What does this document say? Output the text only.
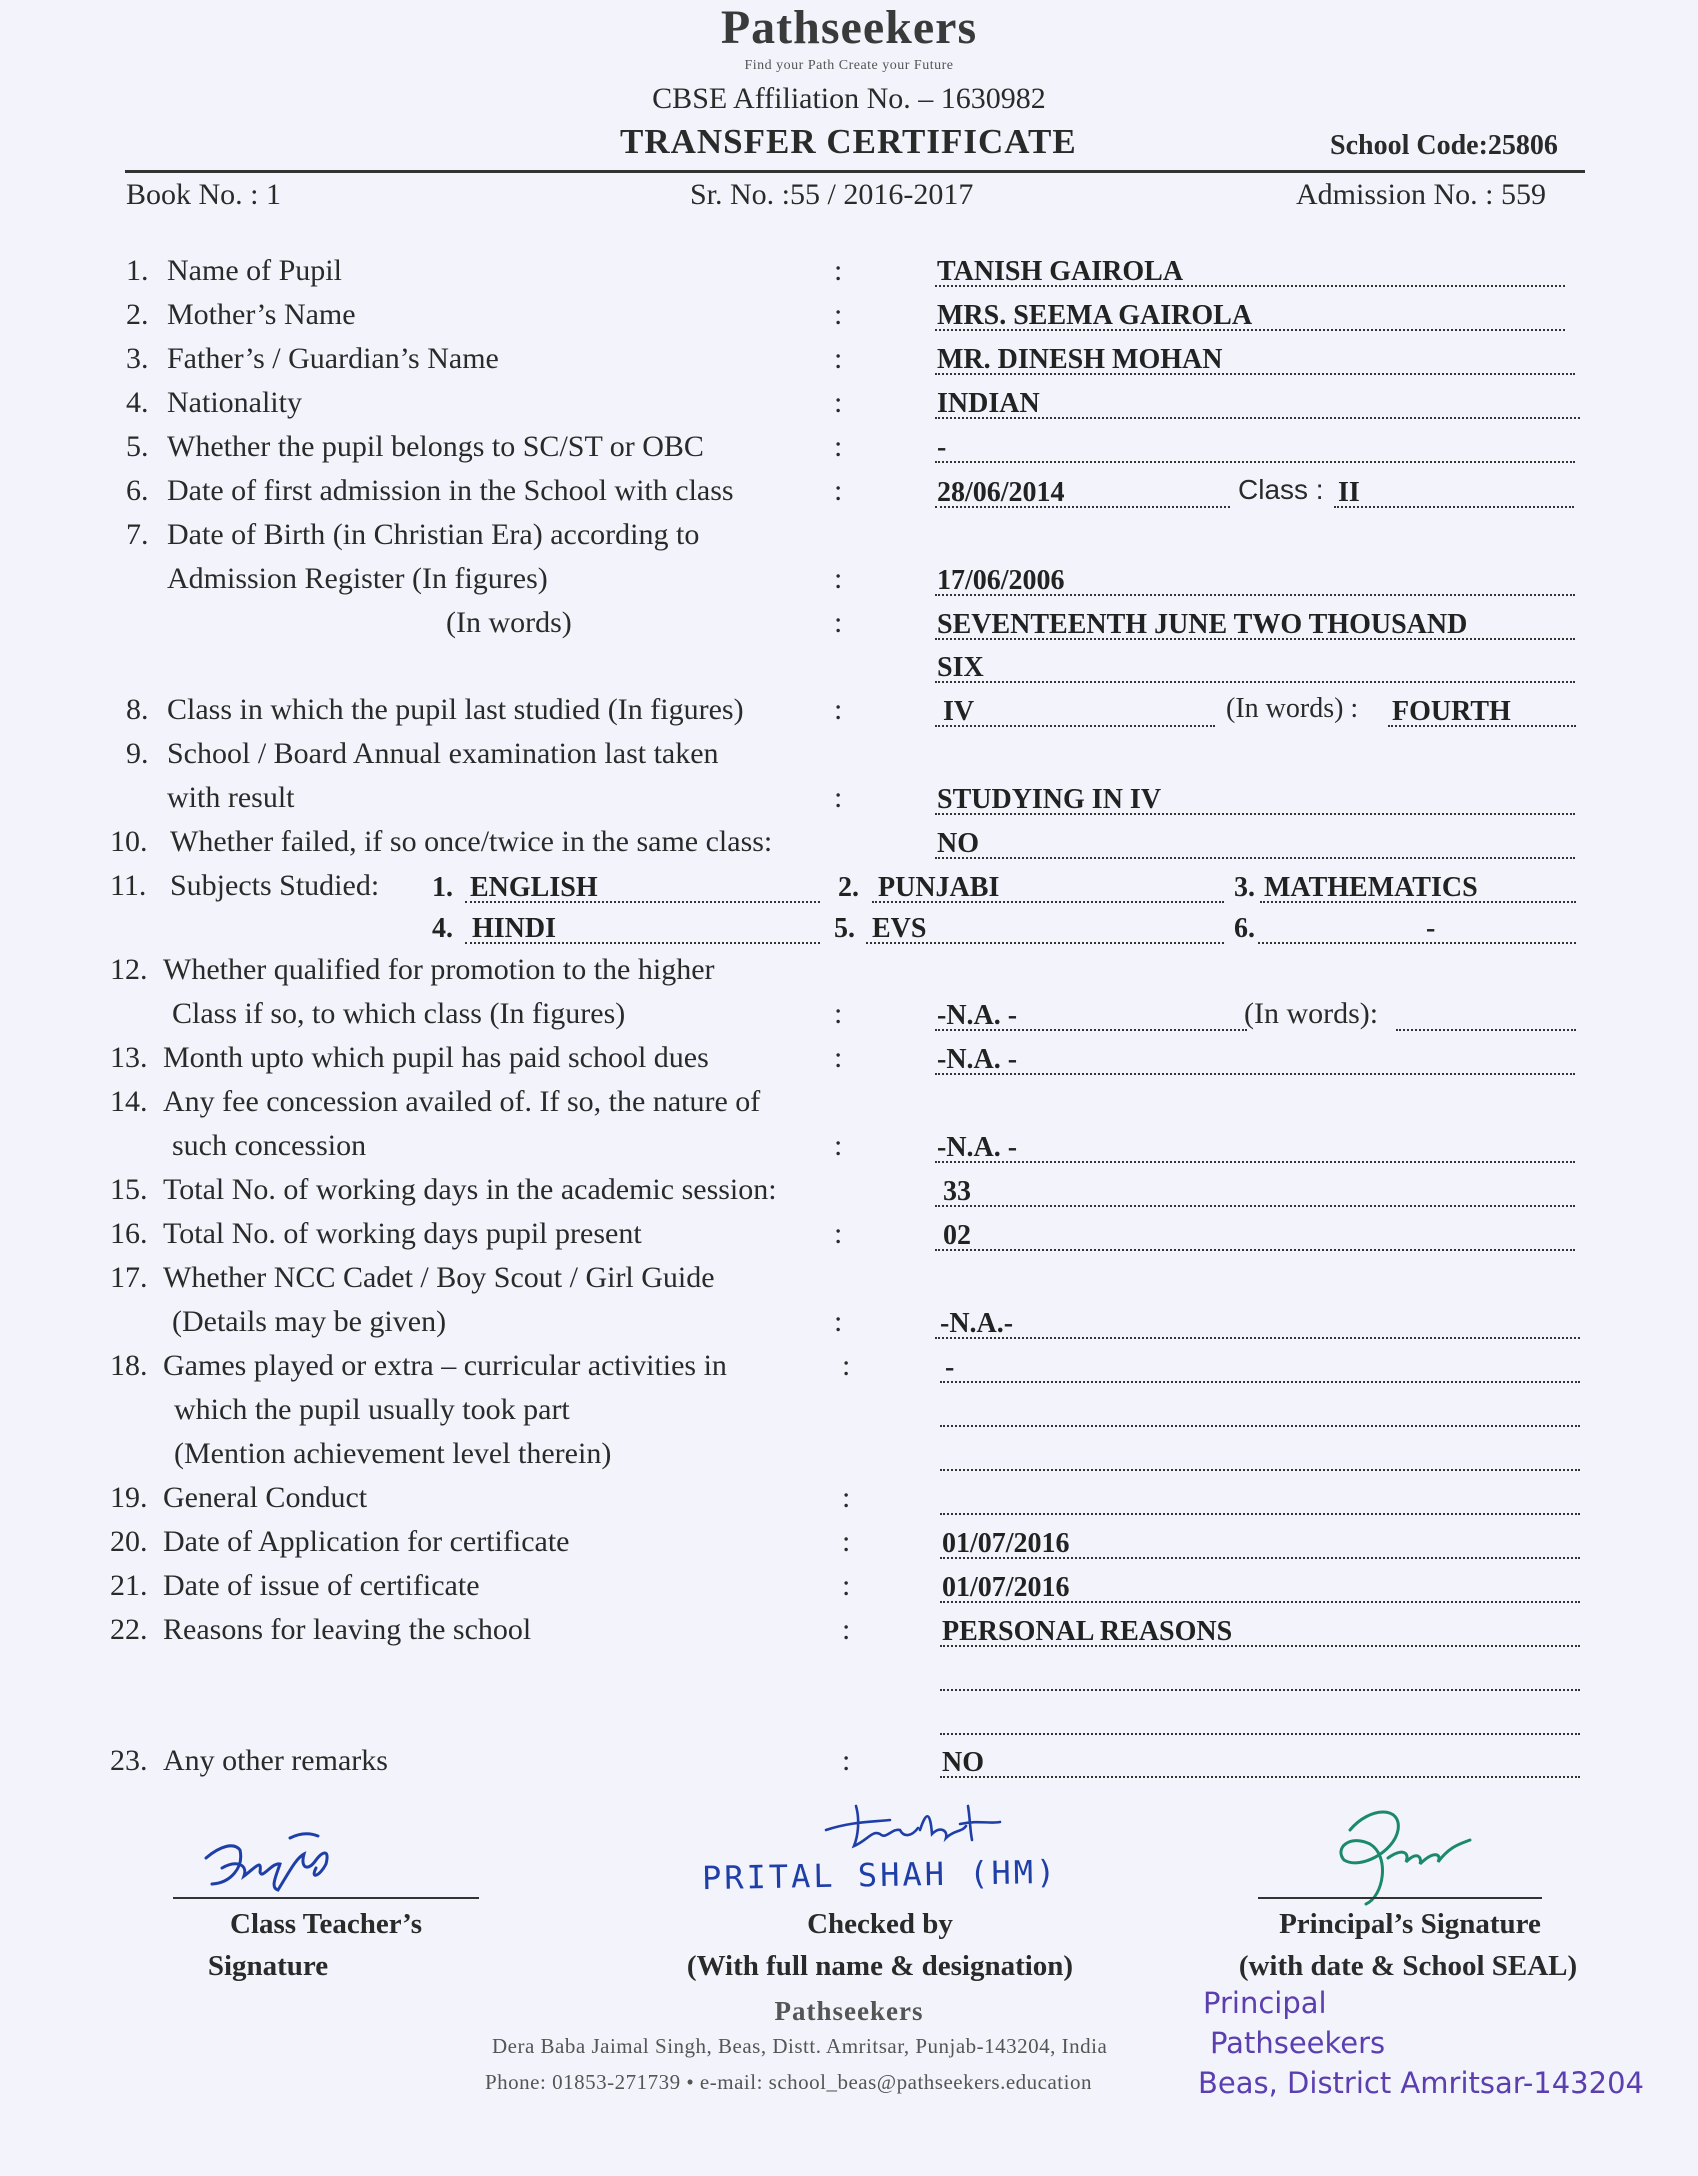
Pathseekers
Find your Path Create your Future
CBSE Affiliation No. – 1630982
TRANSFER CERTIFICATE	School Code:25806
Book No. : 1	Sr. No. :55 / 2016-2017	Admission No. : 559
1. Name of Pupil	:	TANISH GAIROLA
2. Mother’s Name	:	MRS. SEEMA GAIROLA
3. Father’s / Guardian’s Name	:	MR. DINESH MOHAN
4. Nationality	:	INDIAN
5. Whether the pupil belongs to SC/ST or OBC	:	-
6. Date of first admission in the School with class	:	28/06/2014	Class : II
7. Date of Birth (in Christian Era) according to
Admission Register (In figures)	:	17/06/2006
(In words)	:	SEVENTEENTH JUNE TWO THOUSAND
SIX
8. Class in which the pupil last studied (In figures)	:	IV	(In words) : FOURTH
9. School / Board Annual examination last taken
with result	:	STUDYING IN IV
10. Whether failed, if so once/twice in the same class:	NO
11. Subjects Studied: 1. ENGLISH	2. PUNJABI	3. MATHEMATICS
4. HINDI	5. EVS	6.	-
12. Whether qualified for promotion to the higher
Class if so, to which class (In figures)	:	-N.A. -	(In words):
13. Month upto which pupil has paid school dues	:	-N.A. -
14. Any fee concession availed of. If so, the nature of
such concession	:	-N.A. -
15. Total No. of working days in the academic session:	33
16. Total No. of working days pupil present	:	02
17. Whether NCC Cadet / Boy Scout / Girl Guide
(Details may be given)	:	-N.A.-
18. Games played or extra – curricular activities in
which the pupil usually took part
(Mention achievement level therein)
:	-
19. General Conduct	:
20. Date of Application for certificate	:	01/07/2016
21. Date of issue of certificate	:	01/07/2016
22. Reasons for leaving the school	:	PERSONAL REASONS
23. Any other remarks	:	NO
Class Teacher’s
Signature
PRITAL SHAH (HM)
Checked by
(With full name & designation)
Principal’s Signature
(with date & School SEAL)
Pathseekers
Dera Baba Jaimal Singh, Beas, Distt. Amritsar, Punjab-143204, India
Phone: 01853-271739 • e-mail: school_beas@pathseekers.education
Principal
Pathseekers
Beas, District Amritsar-143204
